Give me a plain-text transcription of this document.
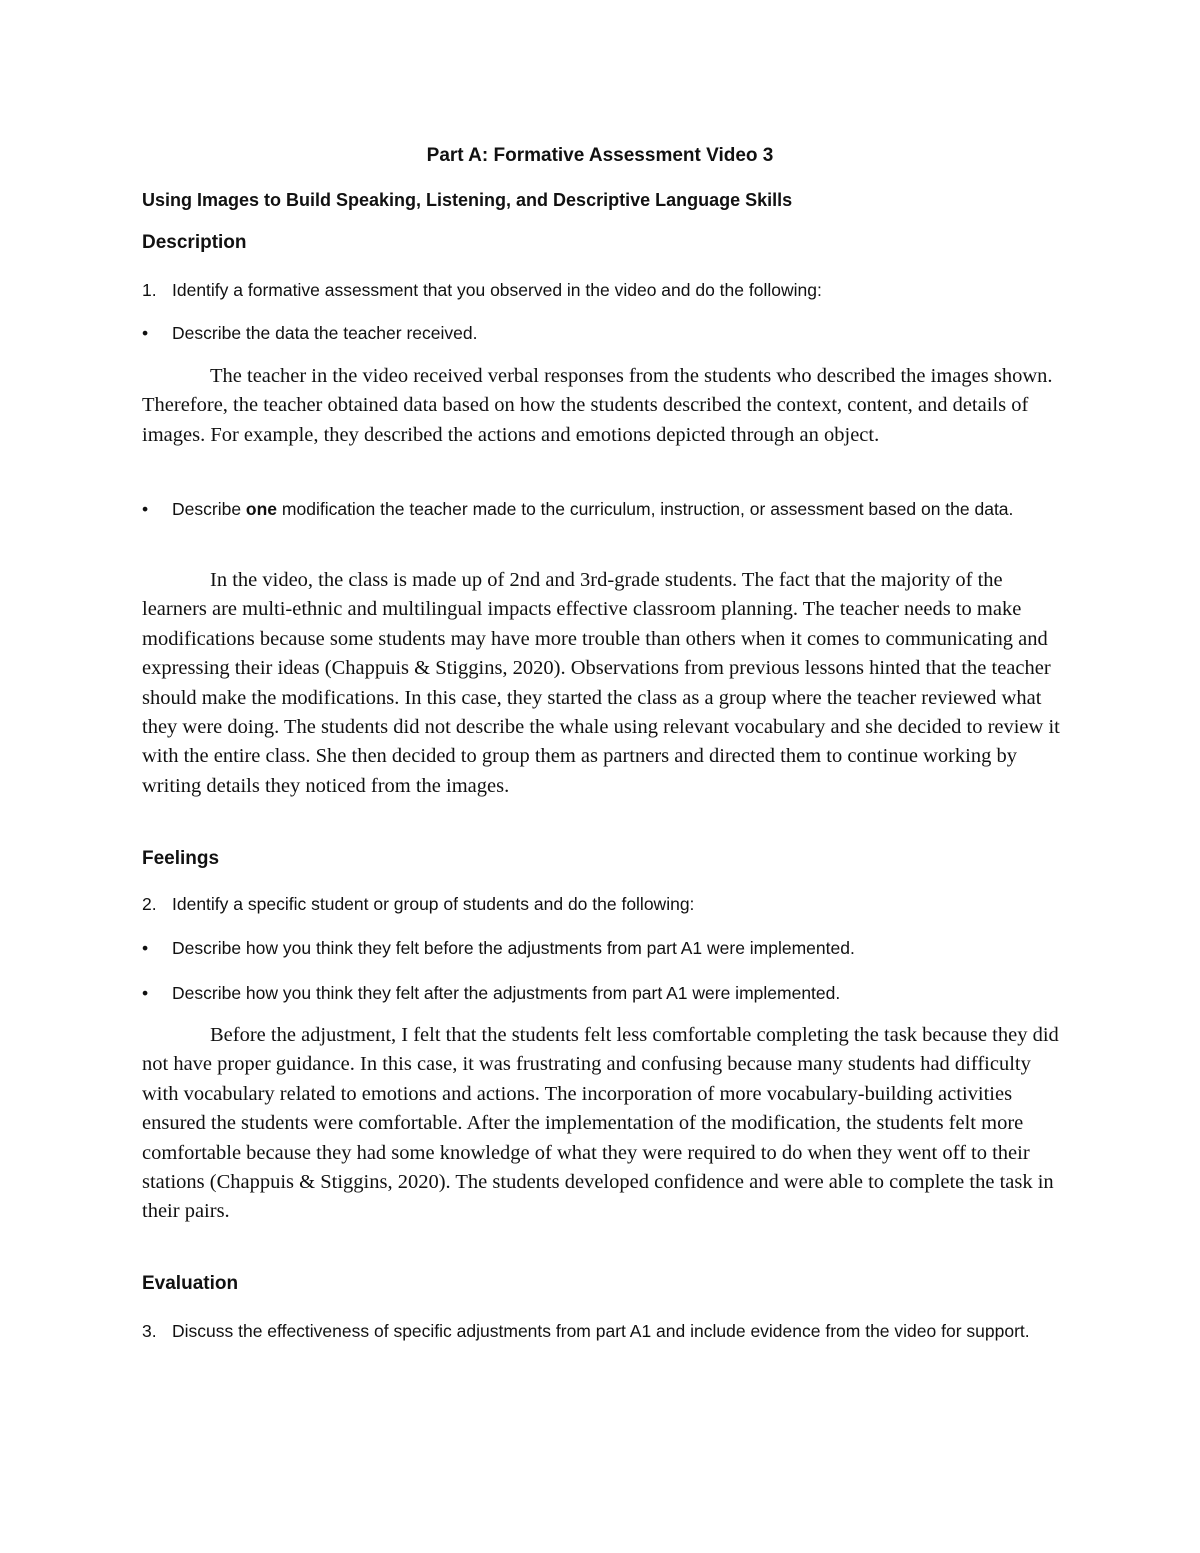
Part A: Formative Assessment Video 3
Using Images to Build Speaking, Listening, and Descriptive Language Skills
Description
1. Identify a formative assessment that you observed in the video and do the following:
• Describe the data the teacher received.

The teacher in the video received verbal responses from the students who described the images shown. Therefore, the teacher obtained data based on how the students described the context, content, and details of images. For example, they described the actions and emotions depicted through an object.

• Describe one modification the teacher made to the curriculum, instruction, or assessment based on the data.

In the video, the class is made up of 2nd and 3rd-grade students. The fact that the majority of the learners are multi-ethnic and multilingual impacts effective classroom planning. The teacher needs to make modifications because some students may have more trouble than others when it comes to communicating and expressing their ideas (Chappuis & Stiggins, 2020). Observations from previous lessons hinted that the teacher should make the modifications. In this case, they started the class as a group where the teacher reviewed what they were doing. The students did not describe the whale using relevant vocabulary and she decided to review it with the entire class. She then decided to group them as partners and directed them to continue working by writing details they noticed from the images.

Feelings
2. Identify a specific student or group of students and do the following:
• Describe how you think they felt before the adjustments from part A1 were implemented.
• Describe how you think they felt after the adjustments from part A1 were implemented.

Before the adjustment, I felt that the students felt less comfortable completing the task because they did not have proper guidance. In this case, it was frustrating and confusing because many students had difficulty with vocabulary related to emotions and actions. The incorporation of more vocabulary-building activities ensured the students were comfortable. After the implementation of the modification, the students felt more comfortable because they had some knowledge of what they were required to do when they went off to their stations (Chappuis & Stiggins, 2020). The students developed confidence and were able to complete the task in their pairs.

Evaluation
3. Discuss the effectiveness of specific adjustments from part A1 and include evidence from the video for support.
